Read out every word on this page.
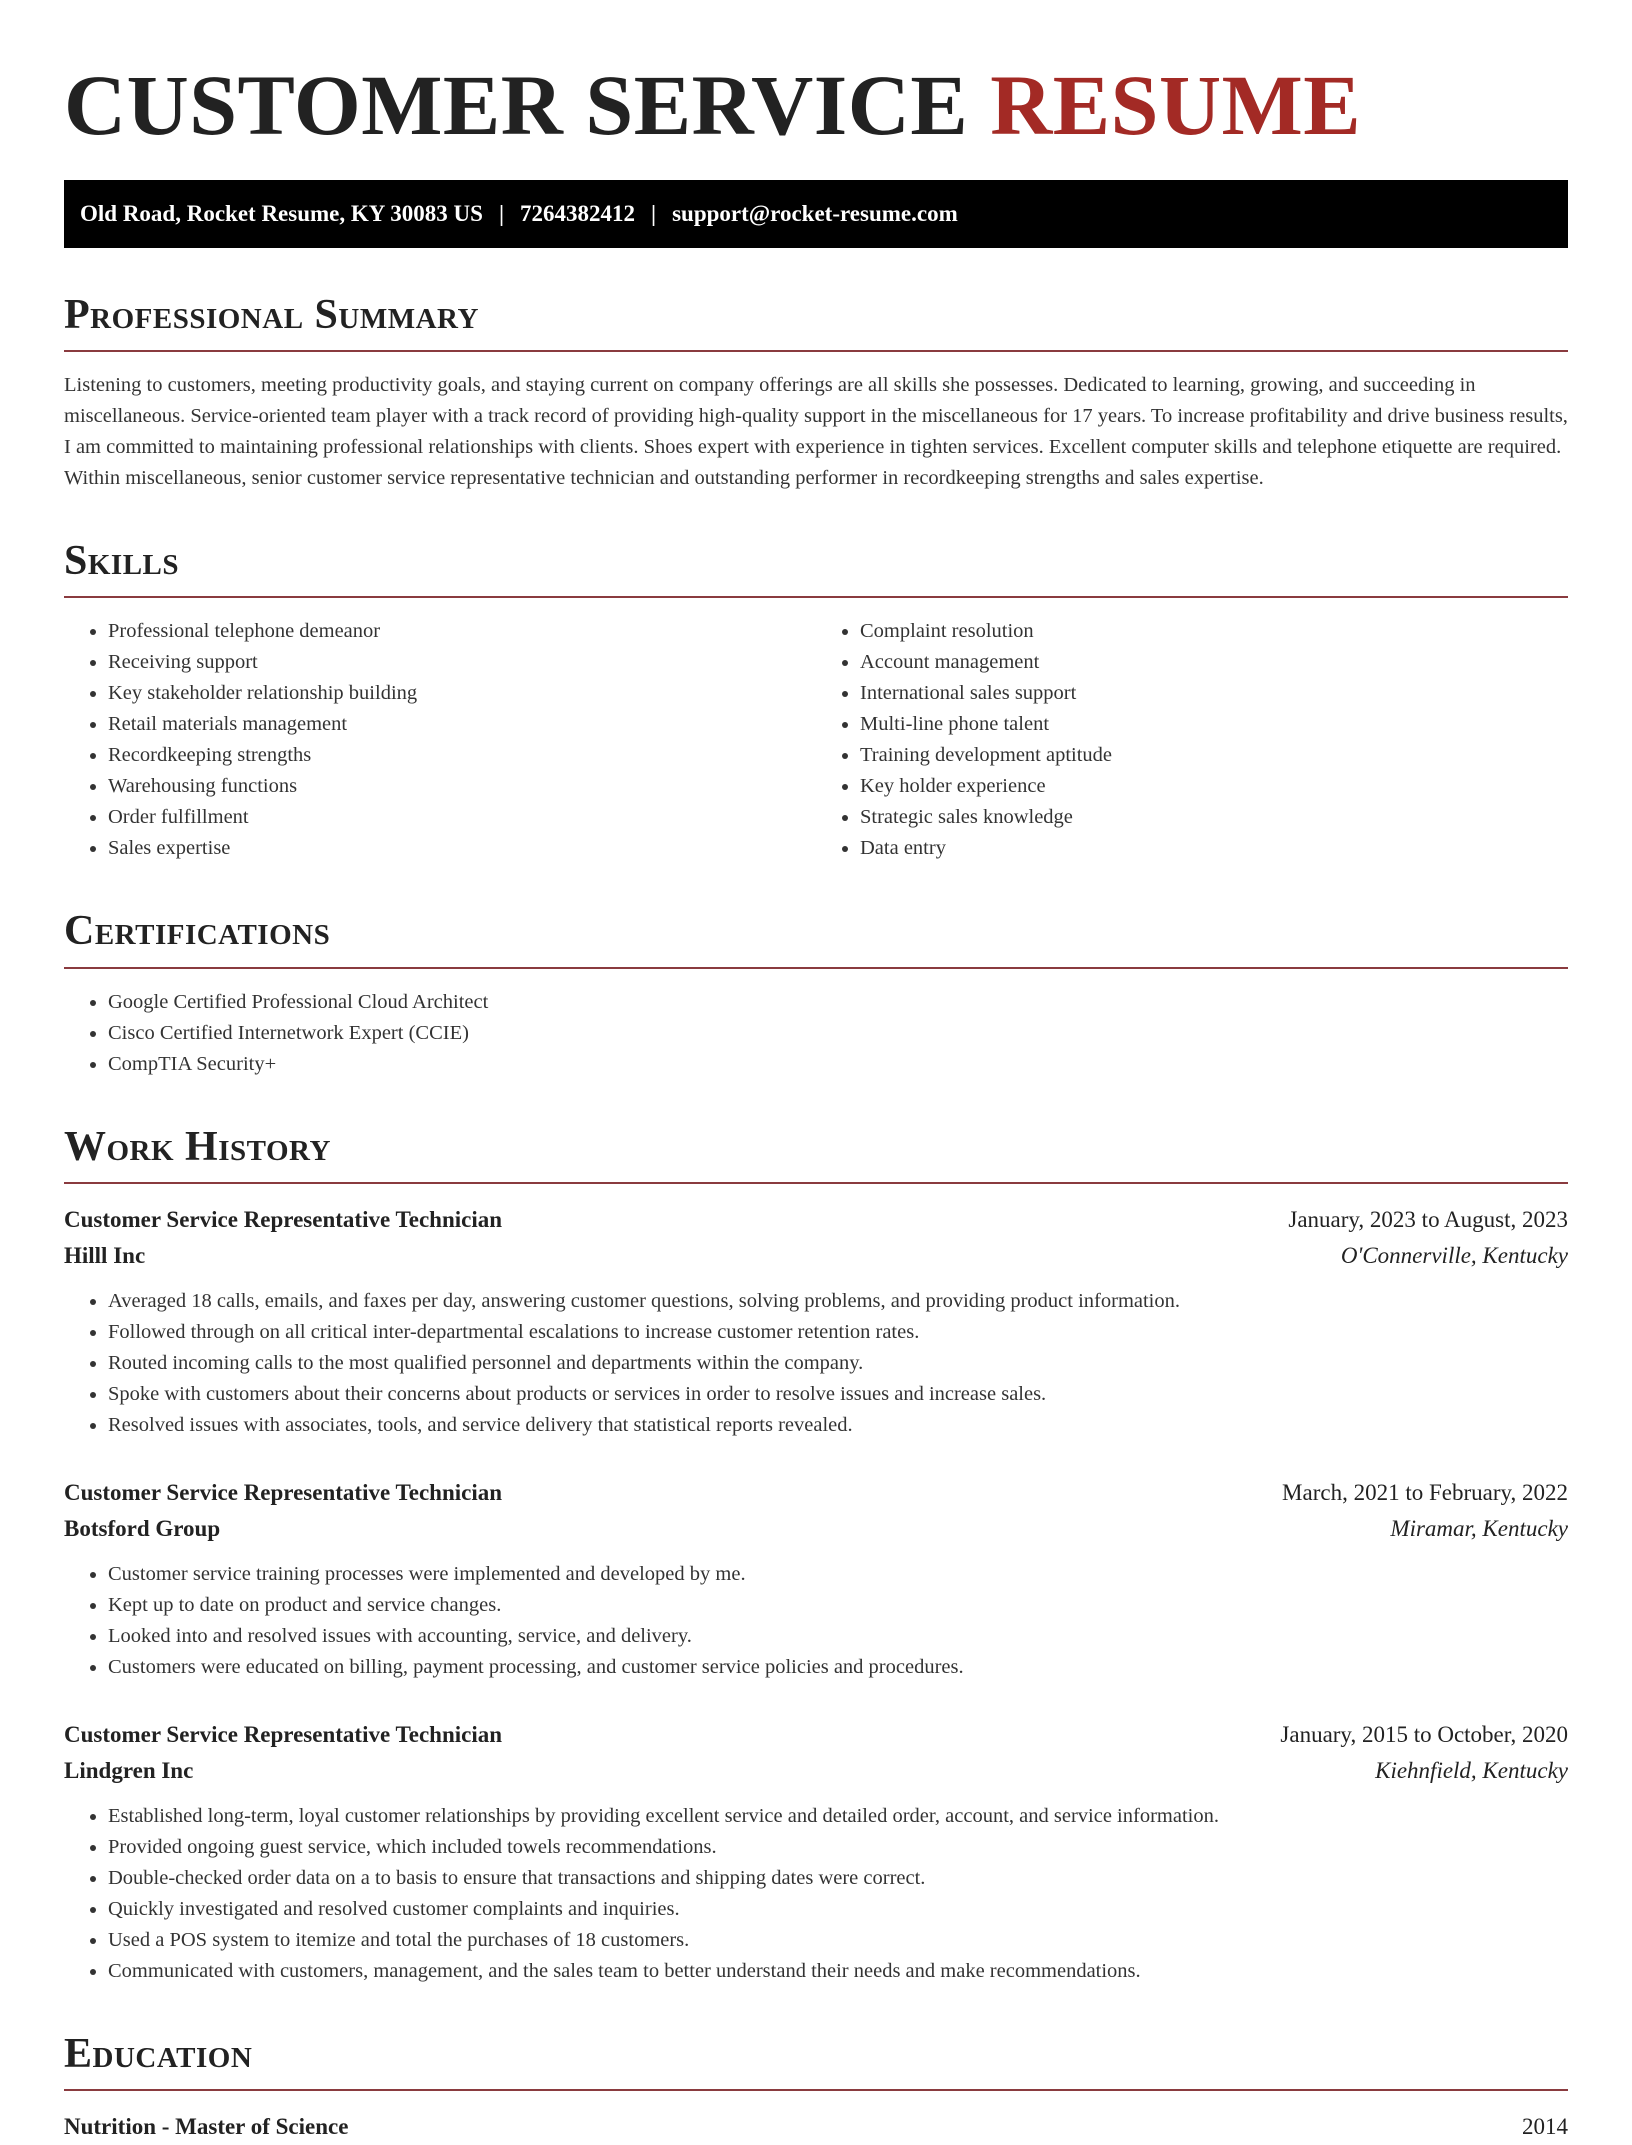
CUSTOMER SERVICE RESUME
Old Road, Rocket Resume, KY 30083 US | 7264382412 | support@rocket-resume.com
Professional Summary

Listening to customers, meeting productivity goals, and staying current on company offerings are all skills she possesses. Dedicated to learning, growing, and succeeding in miscellaneous. Service-oriented team player with a track record of providing high-quality support in the miscellaneous for 17 years. To increase profitability and drive business results, I am committed to maintaining professional relationships with clients. Shoes expert with experience in tighten services. Excellent computer skills and telephone etiquette are required. Within miscellaneous, senior customer service representative technician and outstanding performer in recordkeeping strengths and sales expertise.

Skills
• Professional telephone demeanor
• Receiving support
• Key stakeholder relationship building
• Retail materials management
• Recordkeeping strengths
• Warehousing functions
• Order fulfillment
• Sales expertise
• Complaint resolution
• Account management
• International sales support
• Multi-line phone talent
• Training development aptitude
• Key holder experience
• Strategic sales knowledge
• Data entry
Certifications
• Google Certified Professional Cloud Architect
• Cisco Certified Internetwork Expert (CCIE)
• CompTIA Security+
Work History
Customer Service Representative Technician	January, 2023 to August, 2023
Hilll Inc	O'Connerville, Kentucky
• Averaged 18 calls, emails, and faxes per day, answering customer questions, solving problems, and providing product information.
• Followed through on all critical inter-departmental escalations to increase customer retention rates.
• Routed incoming calls to the most qualified personnel and departments within the company.
• Spoke with customers about their concerns about products or services in order to resolve issues and increase sales.
• Resolved issues with associates, tools, and service delivery that statistical reports revealed.
Customer Service Representative Technician	March, 2021 to February, 2022
Botsford Group	Miramar, Kentucky
• Customer service training processes were implemented and developed by me.
• Kept up to date on product and service changes.
• Looked into and resolved issues with accounting, service, and delivery.
• Customers were educated on billing, payment processing, and customer service policies and procedures.
Customer Service Representative Technician	January, 2015 to October, 2020
Lindgren Inc	Kiehnfield, Kentucky
• Established long-term, loyal customer relationships by providing excellent service and detailed order, account, and service information.
• Provided ongoing guest service, which included towels recommendations.
• Double-checked order data on a to basis to ensure that transactions and shipping dates were correct.
• Quickly investigated and resolved customer complaints and inquiries.
• Used a POS system to itemize and total the purchases of 18 customers.
• Communicated with customers, management, and the sales team to better understand their needs and make recommendations.
Education
Nutrition - Master of Science	2014
